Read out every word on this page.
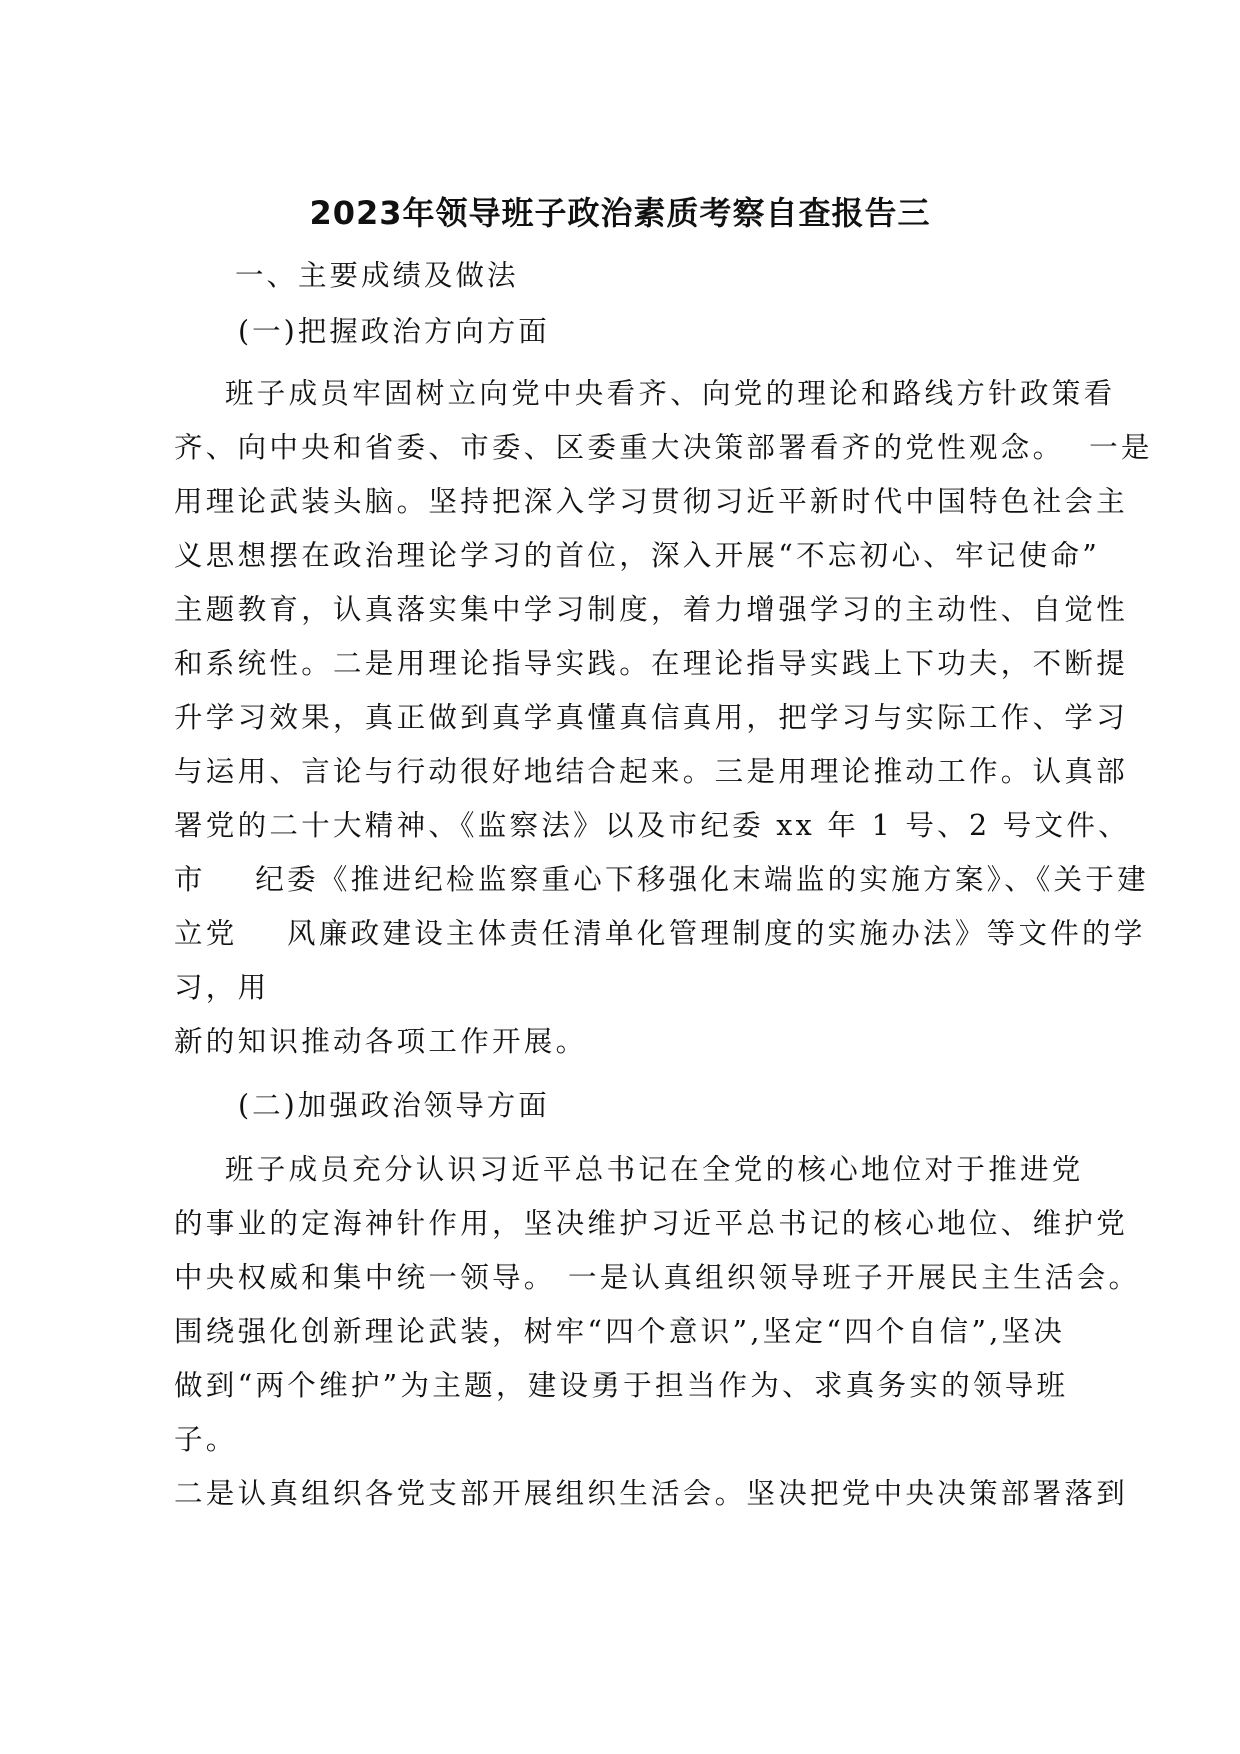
2023年领导班子政治素质考察自查报告三
一、主要成绩及做法
(一)把握政治方向方面
班子成员牢固树立向党中央看齐、向党的理论和路线方针政策看
齐、向中央和省委、市委、区委重大决策部署看齐的党性观念。  一是
用理论武装头脑。坚持把深入学习贯彻习近平新时代中国特色社会主
义思想摆在政治理论学习的首位，深入开展“不忘初心、牢记使命”
主题教育，认真落实集中学习制度，着力增强学习的主动性、自觉性
和系统性。二是用理论指导实践。在理论指导实践上下功夫，不断提
升学习效果，真正做到真学真懂真信真用，把学习与实际工作、学习
与运用、言论与行动很好地结合起来。三是用理论推动工作。认真部
署党的二十大精神、《监察法》以及市纪委 xx 年 1 号、2 号文件、
市    纪委《推进纪检监察重心下移强化末端监的实施方案》、《关于建
立党    风廉政建设主体责任清单化管理制度的实施办法》等文件的学
习，用
新的知识推动各项工作开展。
(二)加强政治领导方面
班子成员充分认识习近平总书记在全党的核心地位对于推进党
的事业的定海神针作用，坚决维护习近平总书记的核心地位、维护党
中央权威和集中统一领导。 一是认真组织领导班子开展民主生活会。
围绕强化创新理论武装，树牢“四个意识”,坚定“四个自信”,坚决
做到“两个维护”为主题，建设勇于担当作为、求真务实的领导班
子。
二是认真组织各党支部开展组织生活会。坚决把党中央决策部署落到
